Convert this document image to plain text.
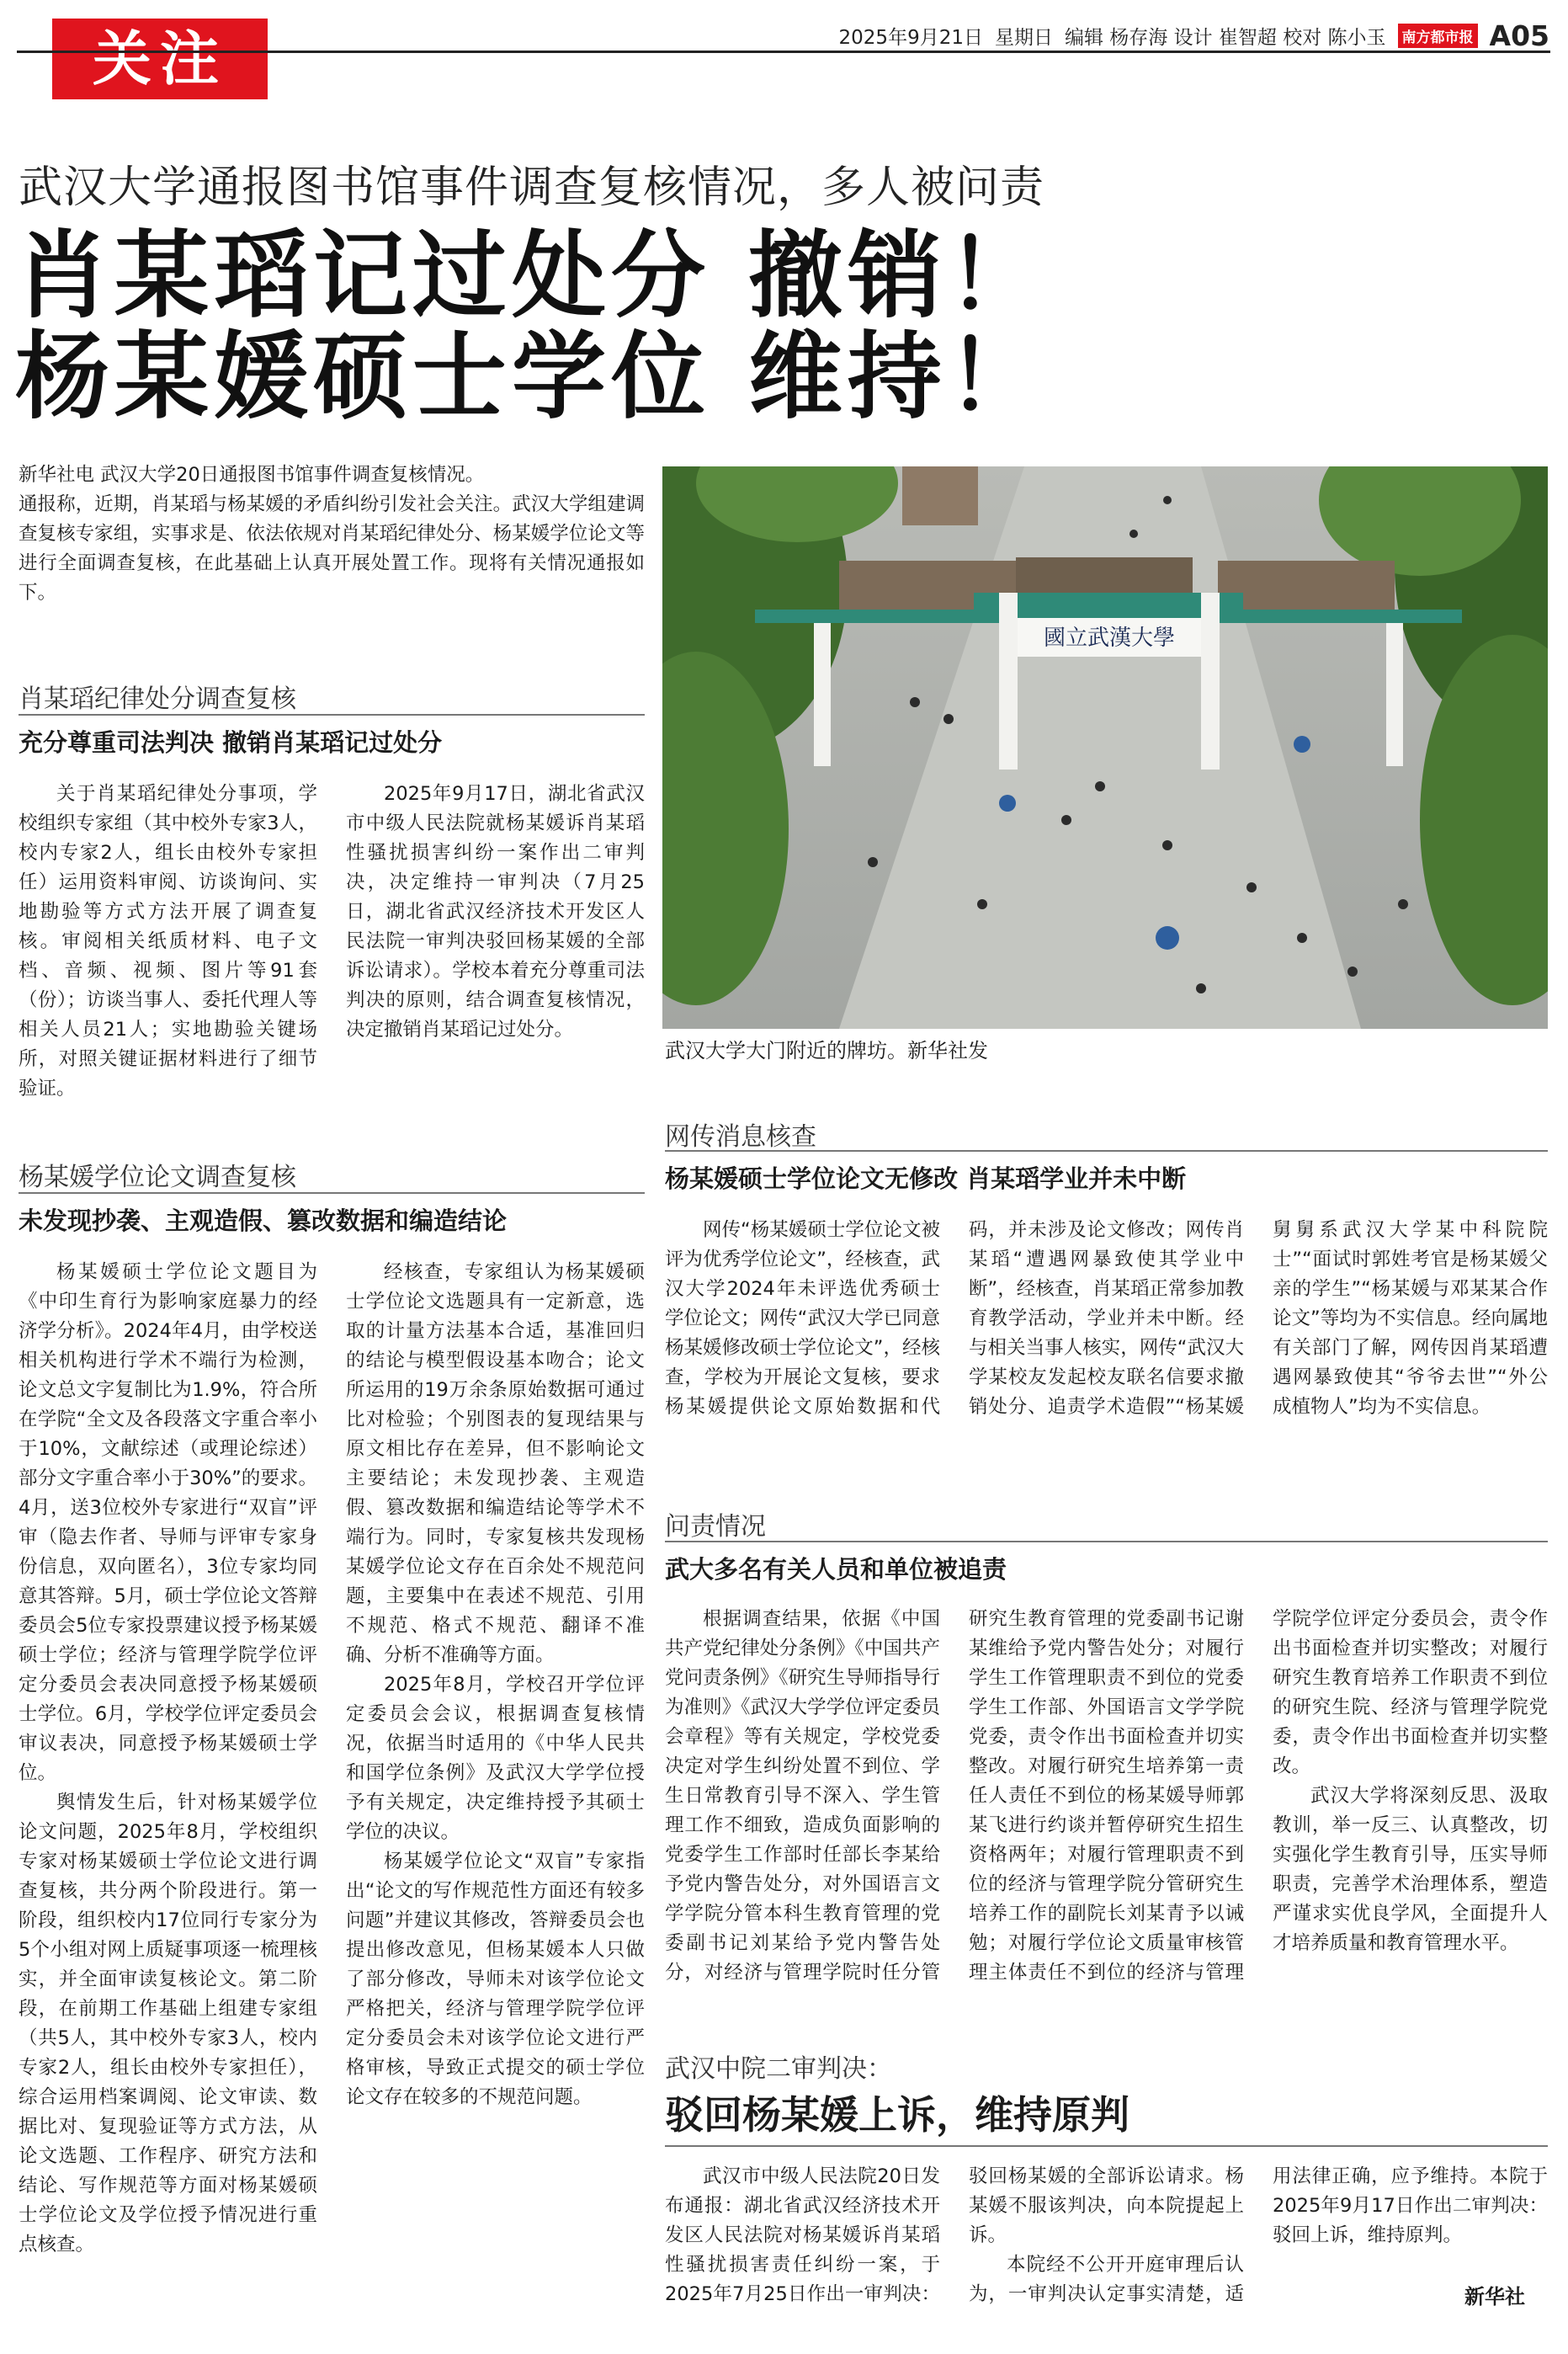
关注	2025年9月21日 星期日 编辑 杨存海 设计 崔智超 校对 陈小玉 南方都市报 A05
武汉大学通报图书馆事件调查复核情况，多人被问责
肖某瑫记过处分 撤销！
杨某媛硕士学位 维持！

新华社电 武汉大学20日通报图书馆事件调查复核情况。

通报称，近期，肖某瑫与杨某媛的矛盾纠纷引发社会关注。武汉大学组建调查复核专家组，实事求是、依法依规对肖某瑫纪律处分、杨某媛学位论文等进行全面调查复核，在此基础上认真开展处置工作。现将有关情况通报如下。

肖某瑫纪律处分调查复核
充分尊重司法判决 撤销肖某瑫记过处分

关于肖某瑫纪律处分事项，学校组织专家组（其中校外专家3人，校内专家2人，组长由校外专家担任）运用资料审阅、访谈询问、实地勘验等方式方法开展了调查复核。审阅相关纸质材料、电子文档、音频、视频、图片等91套（份）；访谈当事人、委托代理人等相关人员21人；实地勘验关键场所，对照关键证据材料进行了细节验证。

2025年9月17日，湖北省武汉市中级人民法院就杨某媛诉肖某瑫性骚扰损害纠纷一案作出二审判决，决定维持一审判决（7月25日，湖北省武汉经济技术开发区人民法院一审判决驳回杨某媛的全部诉讼请求）。学校本着充分尊重司法判决的原则，结合调查复核情况，决定撤销肖某瑫记过处分。

杨某媛学位论文调查复核
未发现抄袭、主观造假、篡改数据和编造结论

杨某媛硕士学位论文题目为《中印生育行为影响家庭暴力的经济学分析》。2024年4月，由学校送相关机构进行学术不端行为检测，论文总文字复制比为1.9%，符合所在学院“全文及各段落文字重合率小于10%，文献综述（或理论综述）部分文字重合率小于30%”的要求。4月，送3位校外专家进行“双盲”评审（隐去作者、导师与评审专家身份信息，双向匿名），3位专家均同意其答辩。5月，硕士学位论文答辩委员会5位专家投票建议授予杨某媛硕士学位；经济与管理学院学位评定分委员会表决同意授予杨某媛硕士学位。6月，学校学位评定委员会审议表决，同意授予杨某媛硕士学位。

舆情发生后，针对杨某媛学位论文问题，2025年8月，学校组织专家对杨某媛硕士学位论文进行调查复核，共分两个阶段进行。第一阶段，组织校内17位同行专家分为5个小组对网上质疑事项逐一梳理核实，并全面审读复核论文。第二阶段，在前期工作基础上组建专家组（共5人，其中校外专家3人，校内专家2人，组长由校外专家担任），综合运用档案调阅、论文审读、数据比对、复现验证等方式方法，从论文选题、工作程序、研究方法和结论、写作规范等方面对杨某媛硕士学位论文及学位授予情况进行重点核查。

经核查，专家组认为杨某媛硕士学位论文选题具有一定新意，选取的计量方法基本合适，基准回归的结论与模型假设基本吻合；论文所运用的19万余条原始数据可通过比对检验；个别图表的复现结果与原文相比存在差异，但不影响论文主要结论；未发现抄袭、主观造假、篡改数据和编造结论等学术不端行为。同时，专家复核共发现杨某媛学位论文存在百余处不规范问题，主要集中在表述不规范、引用不规范、格式不规范、翻译不准确、分析不准确等方面。

2025年8月，学校召开学位评定委员会会议，根据调查复核情况，依据当时适用的《中华人民共和国学位条例》及武汉大学学位授予有关规定，决定维持授予其硕士学位的决议。

杨某媛学位论文“双盲”专家指出“论文的写作规范性方面还有较多问题”并建议其修改，答辩委员会也提出修改意见，但杨某媛本人只做了部分修改，导师未对该学位论文严格把关，经济与管理学院学位评定分委员会未对该学位论文进行严格审核，导致正式提交的硕士学位论文存在较多的不规范问题。

國立武漢大學
武汉大学大门附近的牌坊。新华社发
网传消息核查
杨某媛硕士学位论文无修改 肖某瑫学业并未中断

网传“杨某媛硕士学位论文被评为优秀学位论文”，经核查，武汉大学2024年未评选优秀硕士学位论文；网传“武汉大学已同意杨某媛修改硕士学位论文”，经核查，学校为开展论文复核，要求杨某媛提供论文原始数据和代码，并未涉及论文修改；网传肖某瑫“遭遇网暴致使其学业中断”，经核查，肖某瑫正常参加教育教学活动，学业并未中断。经与相关当事人核实，网传“武汉大学某校友发起校友联名信要求撤销处分、追责学术造假”“杨某媛舅舅系武汉大学某中科院院士”“面试时郭姓考官是杨某媛父亲的学生”“杨某媛与邓某某合作论文”等均为不实信息。经向属地有关部门了解，网传因肖某瑫遭遇网暴致使其“爷爷去世”“外公成植物人”均为不实信息。

问责情况
武大多名有关人员和单位被追责

根据调查结果，依据《中国共产党纪律处分条例》《中国共产党问责条例》《研究生导师指导行为准则》《武汉大学学位评定委员会章程》等有关规定，学校党委决定对学生纠纷处置不到位、学生日常教育引导不深入、学生管理工作不细致，造成负面影响的党委学生工作部时任部长李某给予党内警告处分，对外国语言文学学院分管本科生教育管理的党委副书记刘某给予党内警告处分，对经济与管理学院时任分管研究生教育管理的党委副书记谢某维给予党内警告处分；对履行学生工作管理职责不到位的党委学生工作部、外国语言文学学院党委，责令作出书面检查并切实整改。对履行研究生培养第一责任人责任不到位的杨某媛导师郭某飞进行约谈并暂停研究生招生资格两年；对履行管理职责不到位的经济与管理学院分管研究生培养工作的副院长刘某青予以诫勉；对履行学位论文质量审核管理主体责任不到位的经济与管理学院学位评定分委员会，责令作出书面检查并切实整改；对履行研究生教育培养工作职责不到位的研究生院、经济与管理学院党委，责令作出书面检查并切实整改。

武汉大学将深刻反思、汲取教训，举一反三、认真整改，切实强化学生教育引导，压实导师职责，完善学术治理体系，塑造严谨求实优良学风，全面提升人才培养质量和教育管理水平。

武汉中院二审判决：
驳回杨某媛上诉，维持原判

武汉市中级人民法院20日发布通报：湖北省武汉经济技术开发区人民法院对杨某媛诉肖某瑫性骚扰损害责任纠纷一案，于2025年7月25日作出一审判决：驳回杨某媛的全部诉讼请求。杨某媛不服该判决，向本院提起上诉。

本院经不公开开庭审理后认为，一审判决认定事实清楚，适用法律正确，应予维持。本院于2025年9月17日作出二审判决：驳回上诉，维持原判。

新华社
